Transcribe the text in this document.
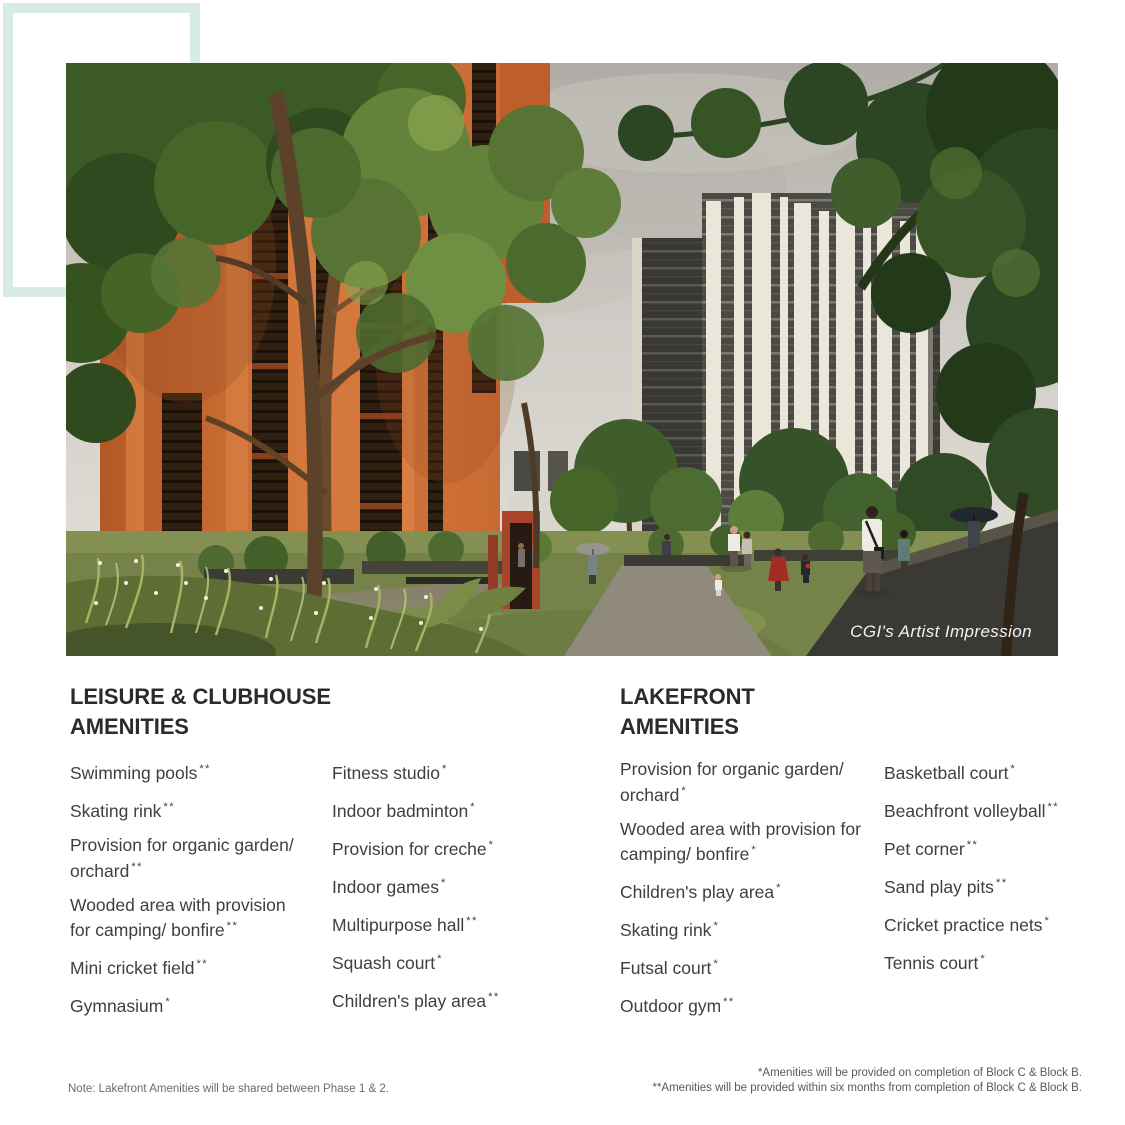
CGI's Artist Impression
LEISURE & CLUBHOUSE
AMENITIES
Swimming pools **
Skating rink **
Provision for organic garden/ orchard **
Wooded area with provision for camping/ bonfire **
Mini cricket field **
Gymnasium *
Fitness studio *
Indoor badminton *
Provision for creche *
Indoor games *
Multipurpose hall **
Squash court *
Children's play area **
LAKEFRONT
AMENITIES
Provision for organic garden/ orchard *
Wooded area with provision for camping/ bonfire *
Children's play area *
Skating rink *
Futsal court *
Outdoor gym **
Basketball court *
Beachfront volleyball **
Pet corner **
Sand play pits **
Cricket practice nets *
Tennis court *
Note: Lakefront Amenities will be shared between Phase 1 & 2.
*Amenities will be provided on completion of Block C & Block B.
**Amenities will be provided within six months from completion of Block C & Block B.
